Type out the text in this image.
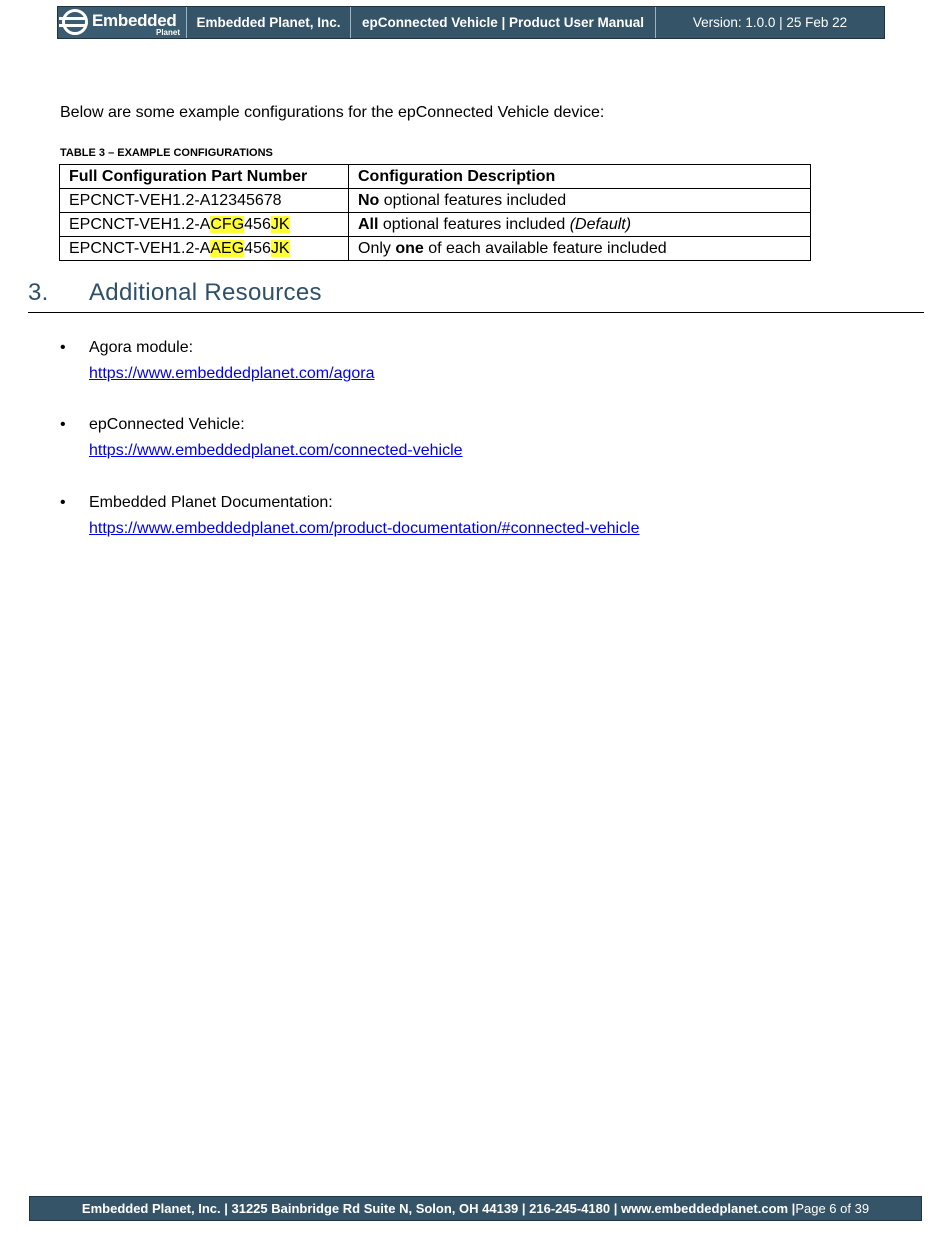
Embedded
Planet
Embedded Planet, Inc.	epConnected Vehicle | Product User Manual	Version: 1.0.0 | 25 Feb 22
Below are some example configurations for the epConnected Vehicle device:
TABLE 3 – EXAMPLE CONFIGURATIONS
Full Configuration Part Number	Configuration Description
EPCNCT-VEH1.2-A12345678	No optional features included
EPCNCT-VEH1.2-ACFG456JK	All optional features included (Default)
EPCNCT-VEH1.2-AAEG456JK	Only one of each available feature included
3. Additional Resources
• Agora module:
https://www.embeddedplanet.com/agora
• epConnected Vehicle:
https://www.embeddedplanet.com/connected-vehicle
• Embedded Planet Documentation:
https://www.embeddedplanet.com/product-documentation/#connected-vehicle
Embedded Planet, Inc. | 31225 Bainbridge Rd Suite N, Solon, OH 44139 | 216-245-4180 | www.embeddedplanet.com | Page 6 of 39
